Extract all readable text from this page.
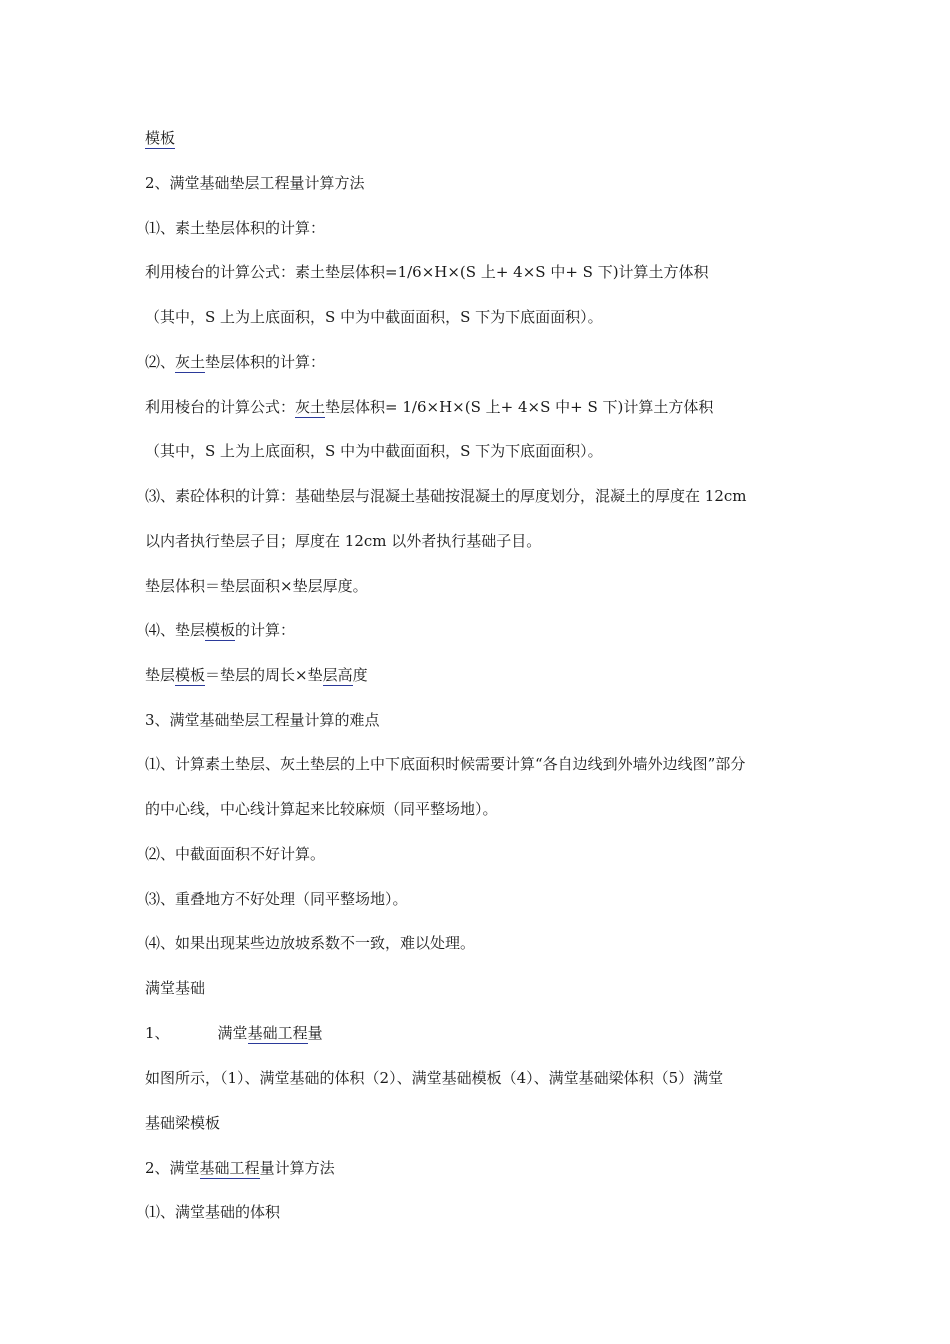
模板
2、满堂基础垫层工程量计算方法
⑴、素土垫层体积的计算：
利用棱台的计算公式：素土垫层体积=1/6×H×(S 上+ 4×S 中+ S 下)计算土方体积
（其中，S 上为上底面积，S 中为中截面面积，S 下为下底面面积）。
⑵、灰土垫层体积的计算：
利用棱台的计算公式：灰土垫层体积= 1/6×H×(S 上+ 4×S 中+ S 下)计算土方体积
（其中，S 上为上底面积，S 中为中截面面积，S 下为下底面面积）。
⑶、素砼体积的计算：基础垫层与混凝土基础按混凝土的厚度划分，混凝土的厚度在 12cm
以内者执行垫层子目；厚度在 12cm 以外者执行基础子目。
垫层体积＝垫层面积×垫层厚度。
⑷、垫层模板的计算：
垫层模板＝垫层的周长×垫层高度
3、满堂基础垫层工程量计算的难点
⑴、计算素土垫层、灰土垫层的上中下底面积时候需要计算“各自边线到外墙外边线图”部分
的中心线，中心线计算起来比较麻烦（同平整场地）。
⑵、中截面面积不好计算。
⑶、重叠地方不好处理（同平整场地）。
⑷、如果出现某些边放坡系数不一致，难以处理。
满堂基础
1、	满堂基础工程量
如图所示，（1）、满堂基础的体积（2）、满堂基础模板（4）、满堂基础梁体积（5）满堂
基础梁模板
2、满堂基础工程量计算方法
⑴、满堂基础的体积
